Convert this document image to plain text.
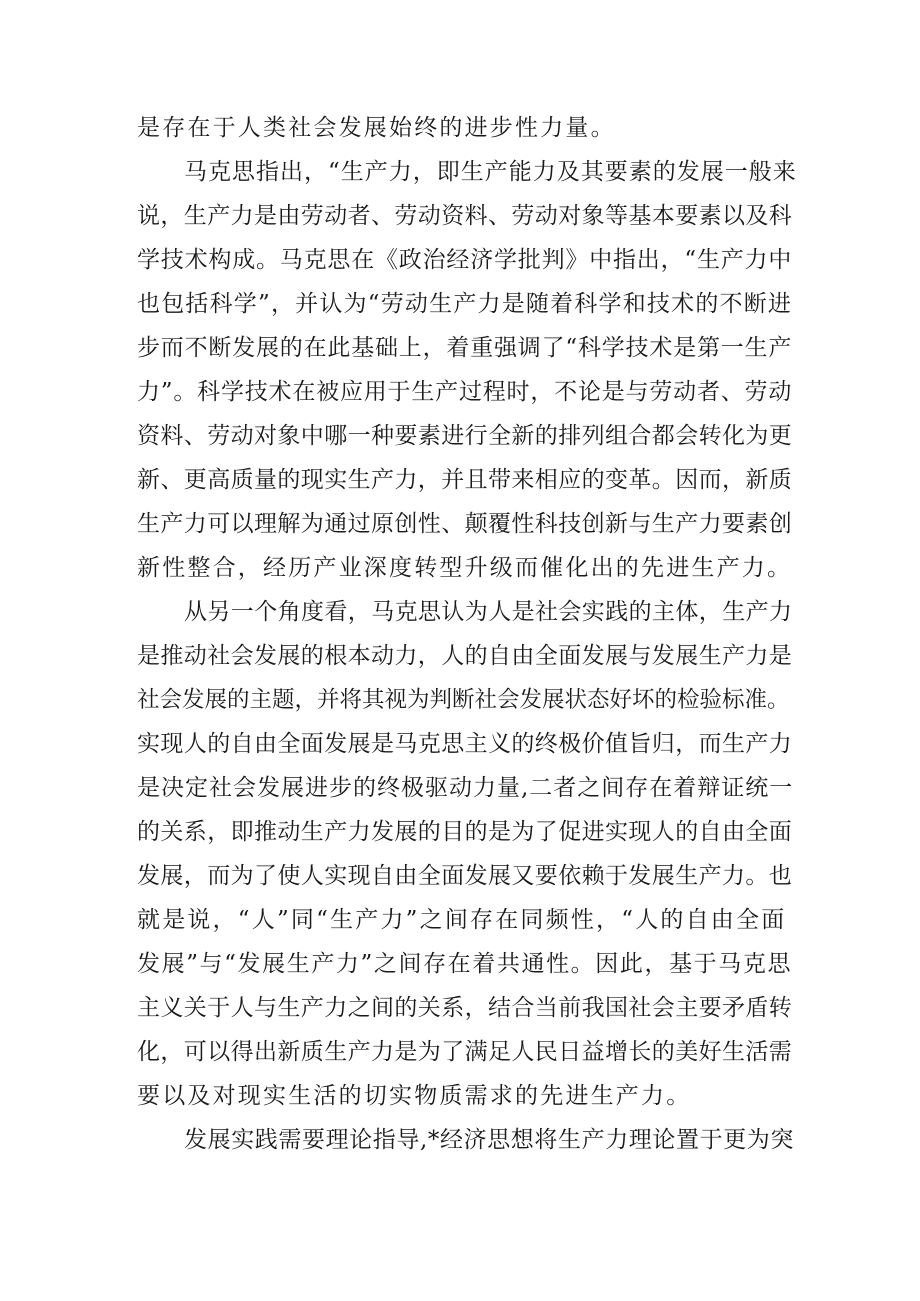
是存在于人类社会发展始终的进步性力量。
马克思指出，“生产力，即生产能力及其要素的发展一般来
说，生产力是由劳动者、劳动资料、劳动对象等基本要素以及科
学技术构成。马克思在《政治经济学批判》中指出，“生产力中
也包括科学”，并认为“劳动生产力是随着科学和技术的不断进
步而不断发展的在此基础上，着重强调了“科学技术是第一生产
力”。科学技术在被应用于生产过程时，不论是与劳动者、劳动
资料、劳动对象中哪一种要素进行全新的排列组合都会转化为更
新、更高质量的现实生产力，并且带来相应的变革。因而，新质
生产力可以理解为通过原创性、颠覆性科技创新与生产力要素创
新性整合，经历产业深度转型升级而催化出的先进生产力。
从另一个角度看，马克思认为人是社会实践的主体，生产力
是推动社会发展的根本动力，人的自由全面发展与发展生产力是
社会发展的主题，并将其视为判断社会发展状态好坏的检验标准。
实现人的自由全面发展是马克思主义的终极价值旨归，而生产力
是决定社会发展进步的终极驱动力量,二者之间存在着辩证统一
的关系，即推动生产力发展的目的是为了促进实现人的自由全面
发展，而为了使人实现自由全面发展又要依赖于发展生产力。也
就是说，“人”同“生产力”之间存在同频性，“人的自由全面
发展”与“发展生产力”之间存在着共通性。因此，基于马克思
主义关于人与生产力之间的关系，结合当前我国社会主要矛盾转
化，可以得出新质生产力是为了满足人民日益增长的美好生活需
要以及对现实生活的切实物质需求的先进生产力。
发展实践需要理论指导,*经济思想将生产力理论置于更为突
